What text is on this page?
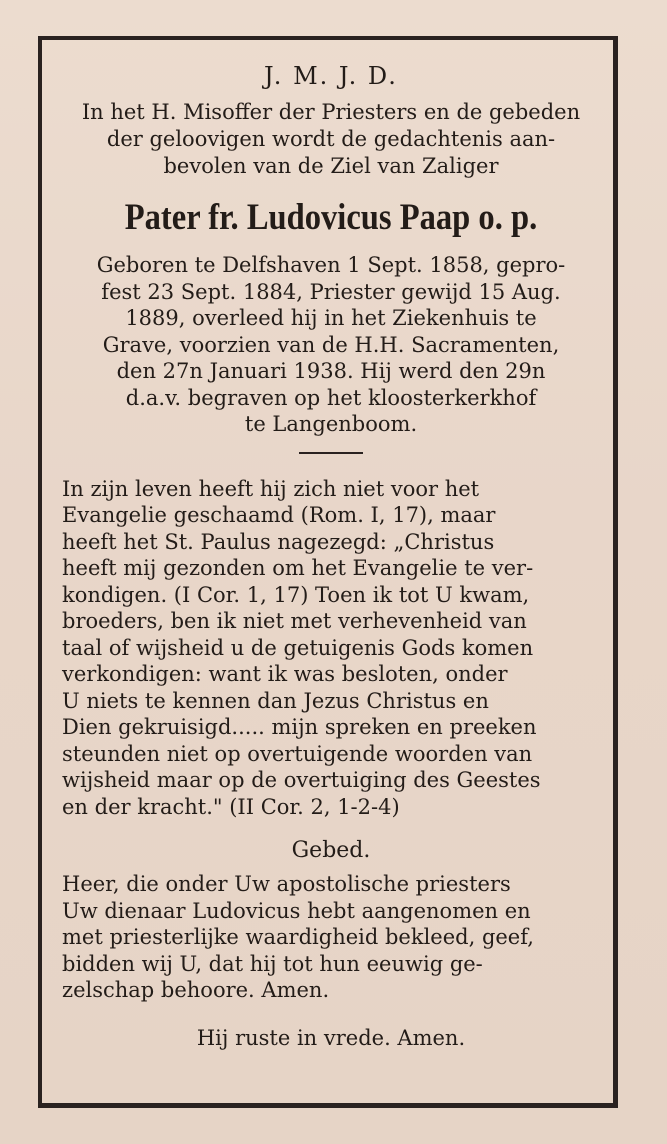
J. M. J. D.
In het H. Misoffer der Priesters en de gebeden
der geloovigen wordt de gedachtenis aan-
bevolen van de Ziel van Zaliger
Pater fr. Ludovicus Paap o. p.
Geboren te Delfshaven 1 Sept. 1858, gepro-
fest 23 Sept. 1884, Priester gewijd 15 Aug.
1889, overleed hij in het Ziekenhuis te
Grave, voorzien van de H.H. Sacramenten,
den 27n Januari 1938. Hij werd den 29n
d.a.v. begraven op het kloosterkerkhof
te Langenboom.
In zijn leven heeft hij zich niet voor het
Evangelie geschaamd (Rom. I, 17), maar
heeft het St. Paulus nagezegd: „Christus
heeft mij gezonden om het Evangelie te ver-
kondigen. (I Cor. 1, 17) Toen ik tot U kwam,
broeders, ben ik niet met verhevenheid van
taal of wijsheid u de getuigenis Gods komen
verkondigen: want ik was besloten, onder
U niets te kennen dan Jezus Christus en
Dien gekruisigd..... mijn spreken en preeken
steunden niet op overtuigende woorden van
wijsheid maar op de overtuiging des Geestes
en der kracht." (II Cor. 2, 1-2-4)
Gebed.
Heer, die onder Uw apostolische priesters
Uw dienaar Ludovicus hebt aangenomen en
met priesterlijke waardigheid bekleed, geef,
bidden wij U, dat hij tot hun eeuwig ge-
zelschap behoore. Amen.
Hij ruste in vrede. Amen.
